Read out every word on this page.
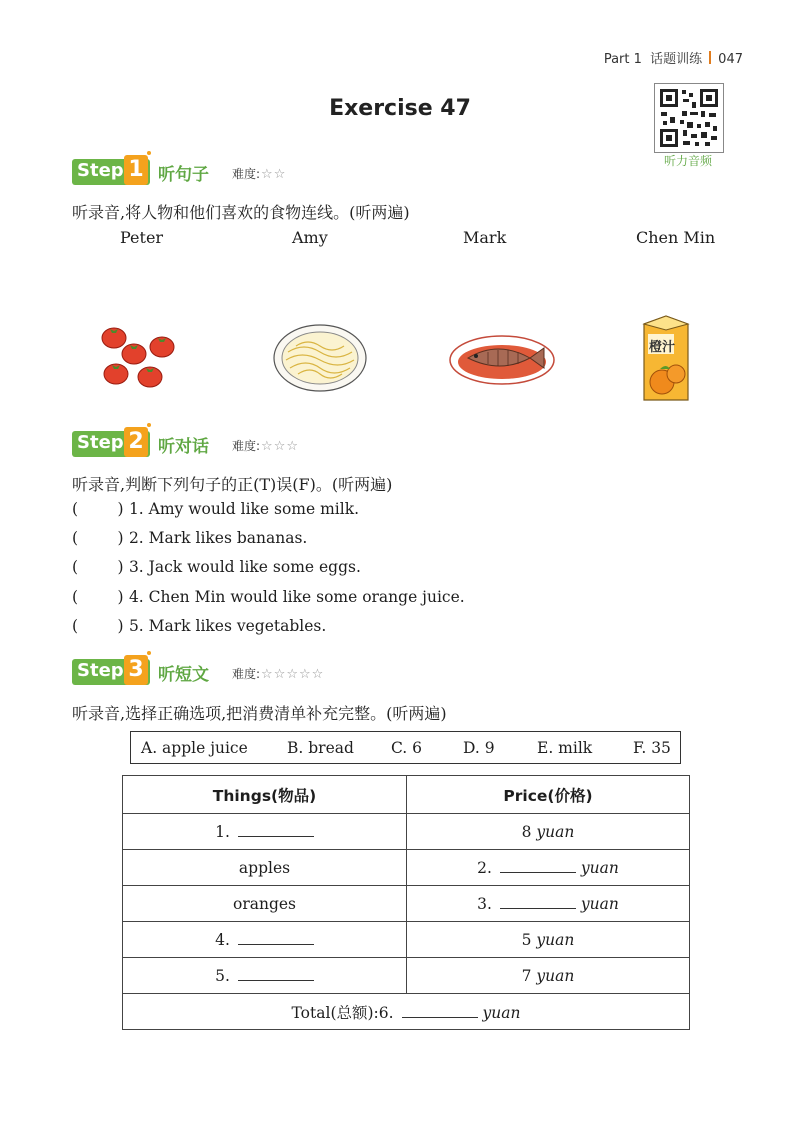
Part 1 话题训练 047
Exercise 47
听力音频
Step 1 听句子 难度:☆☆
听录音,将人物和他们喜欢的食物连线。(听两遍)
Peter	Amy	Mark	Chen Min
橙汁
Step 2 听对话 难度:☆☆☆
听录音,判断下列句子的正(T)误(F)。(听两遍)
(        ) 1. Amy would like some milk.
(        ) 2. Mark likes bananas.
(        ) 3. Jack would like some eggs.
(        ) 4. Chen Min would like some orange juice.
(        ) 5. Mark likes vegetables.
Step 3 听短文 难度:☆☆☆☆☆
听录音,选择正确选项,把消费清单补充完整。(听两遍)
A. apple juice	B. bread C. 6	D. 9	E. milk	F. 35
Things(物品)	Price(价格)
1.	8 yuan
apples	2. yuan
oranges	3. yuan
4.	5 yuan
5.	7 yuan
Total(总额):6. yuan	
